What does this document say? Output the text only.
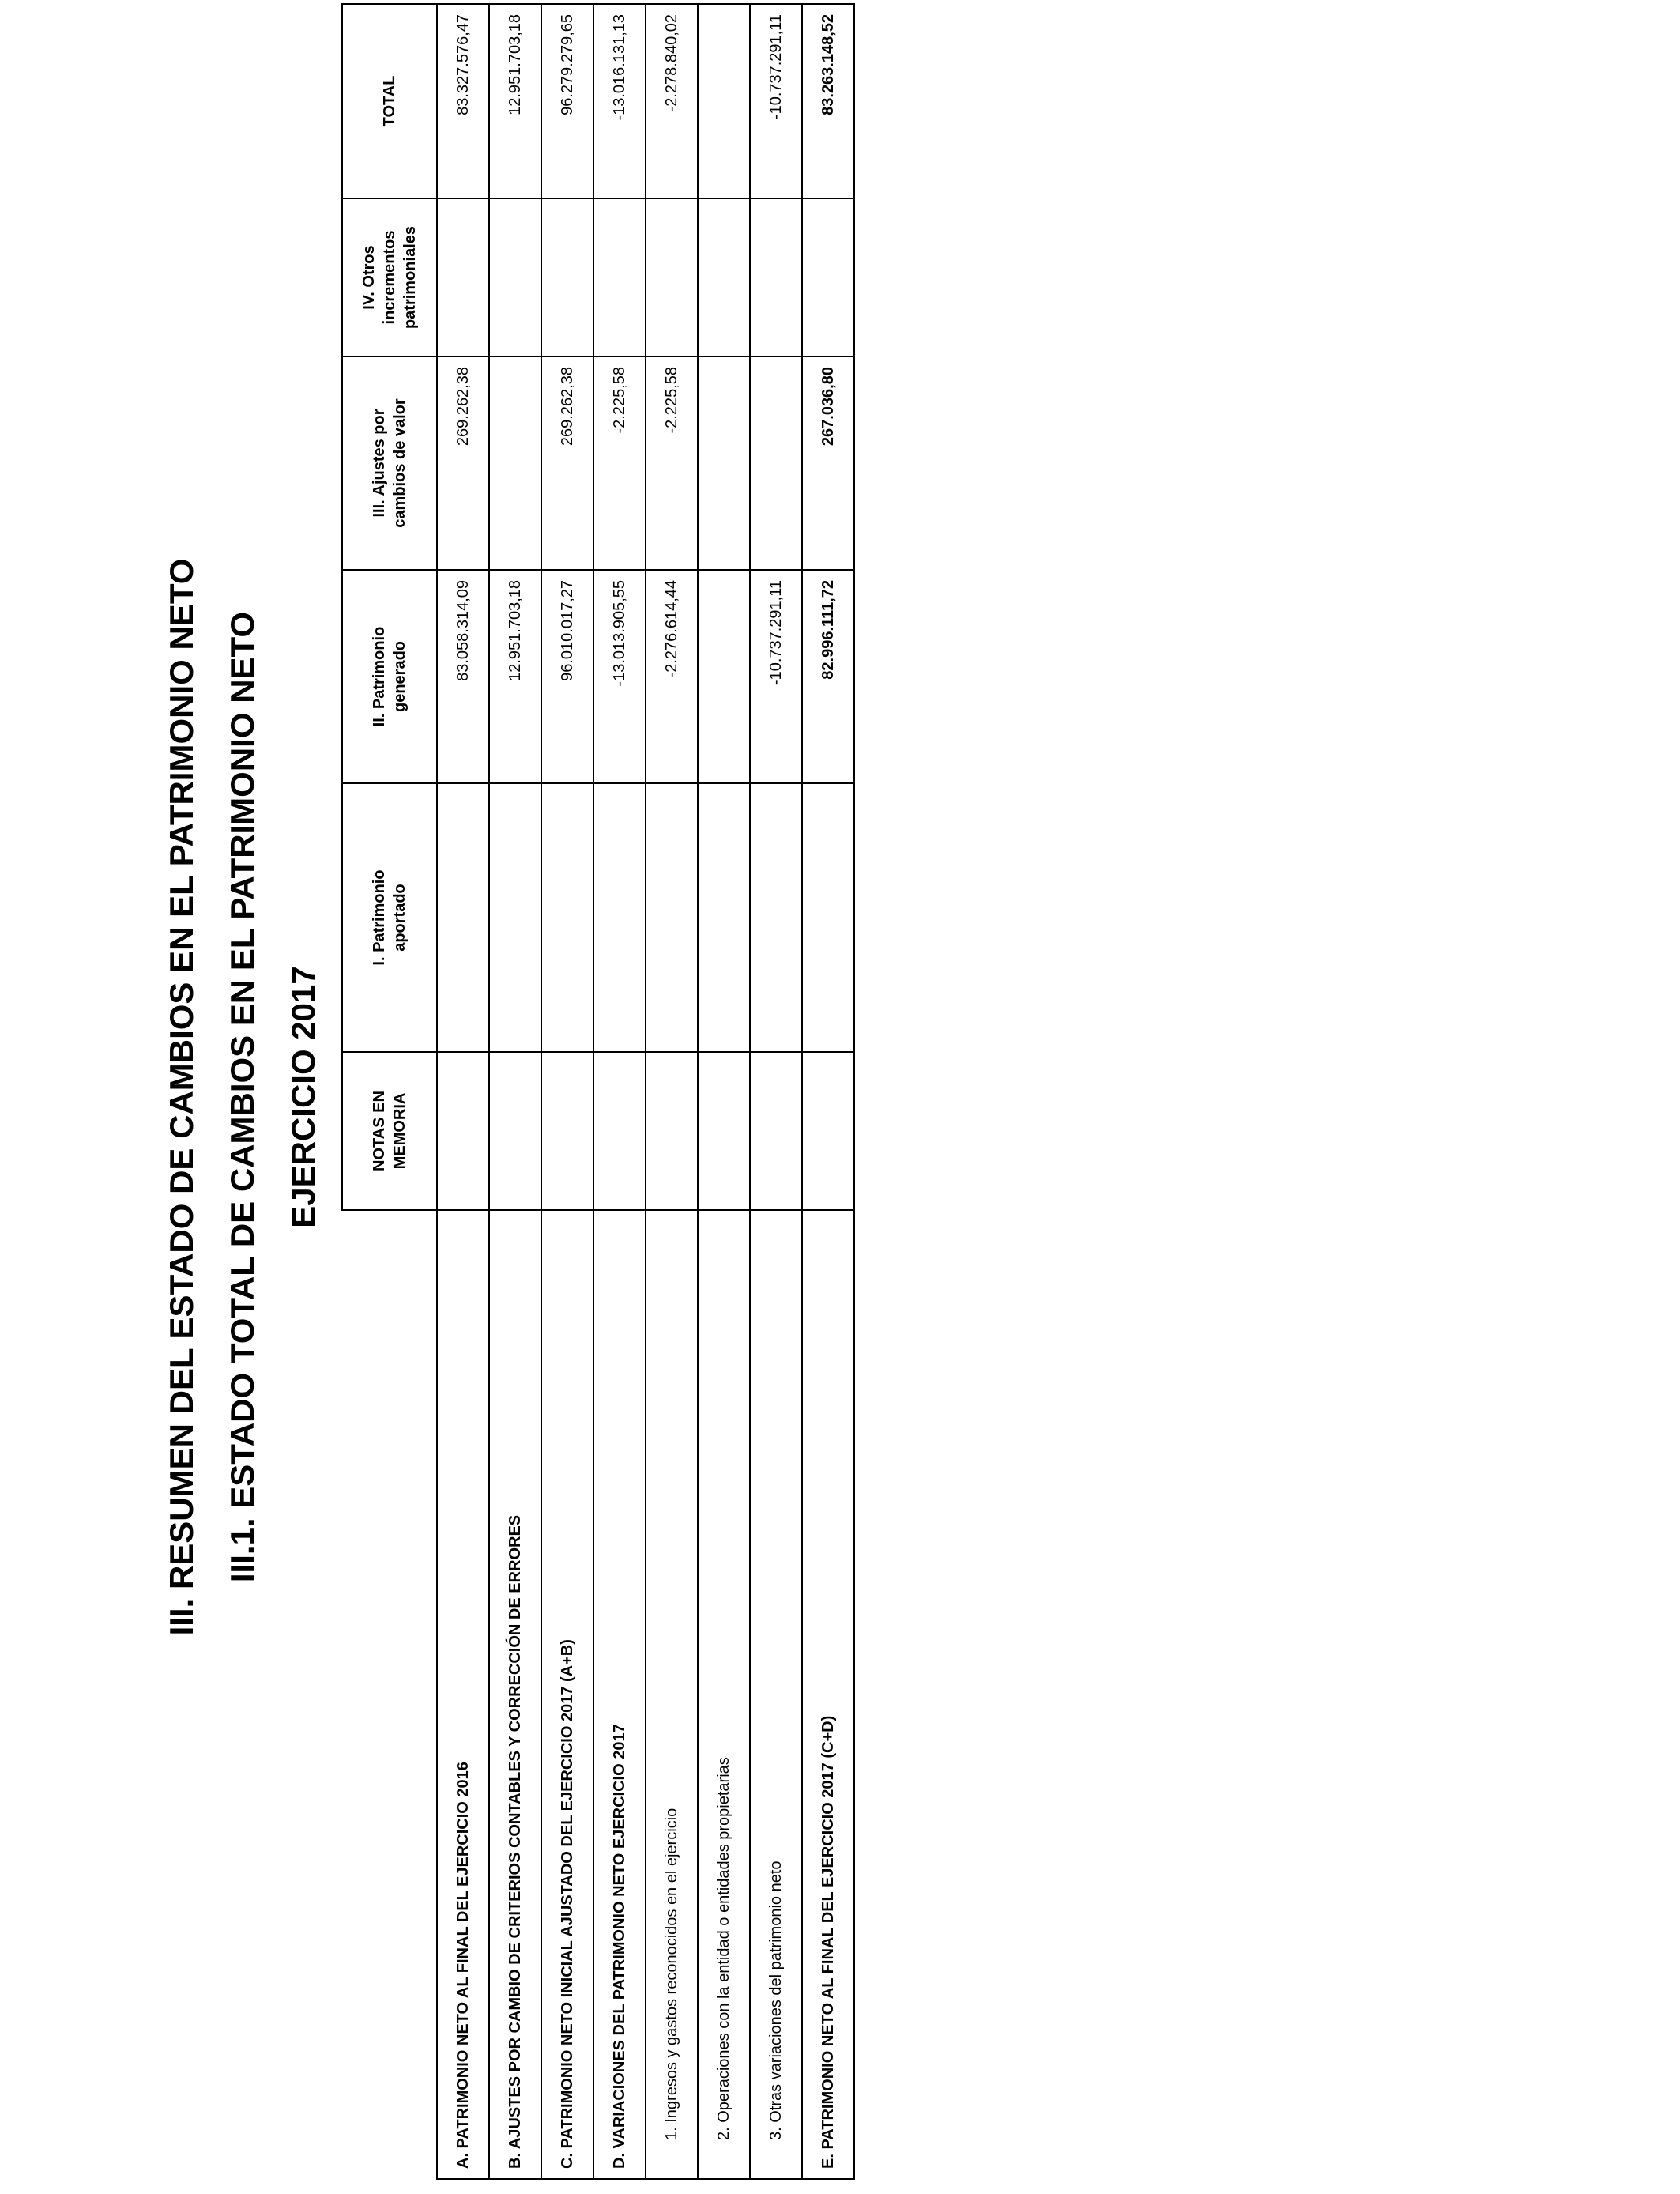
III. RESUMEN DEL ESTADO DE CAMBIOS EN EL PATRIMONIO NETO III.1. ESTADO TOTAL DE CAMBIOS EN EL PATRIMONIO NETO EJERCICIO 2017
		NOTAS EN MEMORIA	I. Patrimonio aportado	II. Patrimonio generado	III. Ajustes por cambios de valor	IV. Otros incrementos patrimoniales	TOTAL
A. PATRIMONIO NETO AL FINAL DEL EJERCICIO 2016			83.058.314,09	269.262,38		83.327.576,47
B. AJUSTES POR CAMBIO DE CRITERIOS CONTABLES Y CORRECCIÓN DE ERRORES			12.951.703,18			12.951.703,18
C. PATRIMONIO NETO INICIAL AJUSTADO DEL EJERCICIO 2017 (A+B)			96.010.017,27	269.262,38		96.279.279,65
D. VARIACIONES DEL PATRIMONIO NETO EJERCICIO 2017			-13.013.905,55	-2.225,58		-13.016.131,13
1. Ingresos y gastos reconocidos en el ejercicio			-2.276.614,44	-2.225,58		-2.278.840,02
2. Operaciones con la entidad o entidades propietarias						
3. Otras variaciones del patrimonio neto			-10.737.291,11			-10.737.291,11
E. PATRIMONIO NETO AL FINAL DEL EJERCICIO 2017 (C+D)			82.996.111,72	267.036,80		83.263.148,52
